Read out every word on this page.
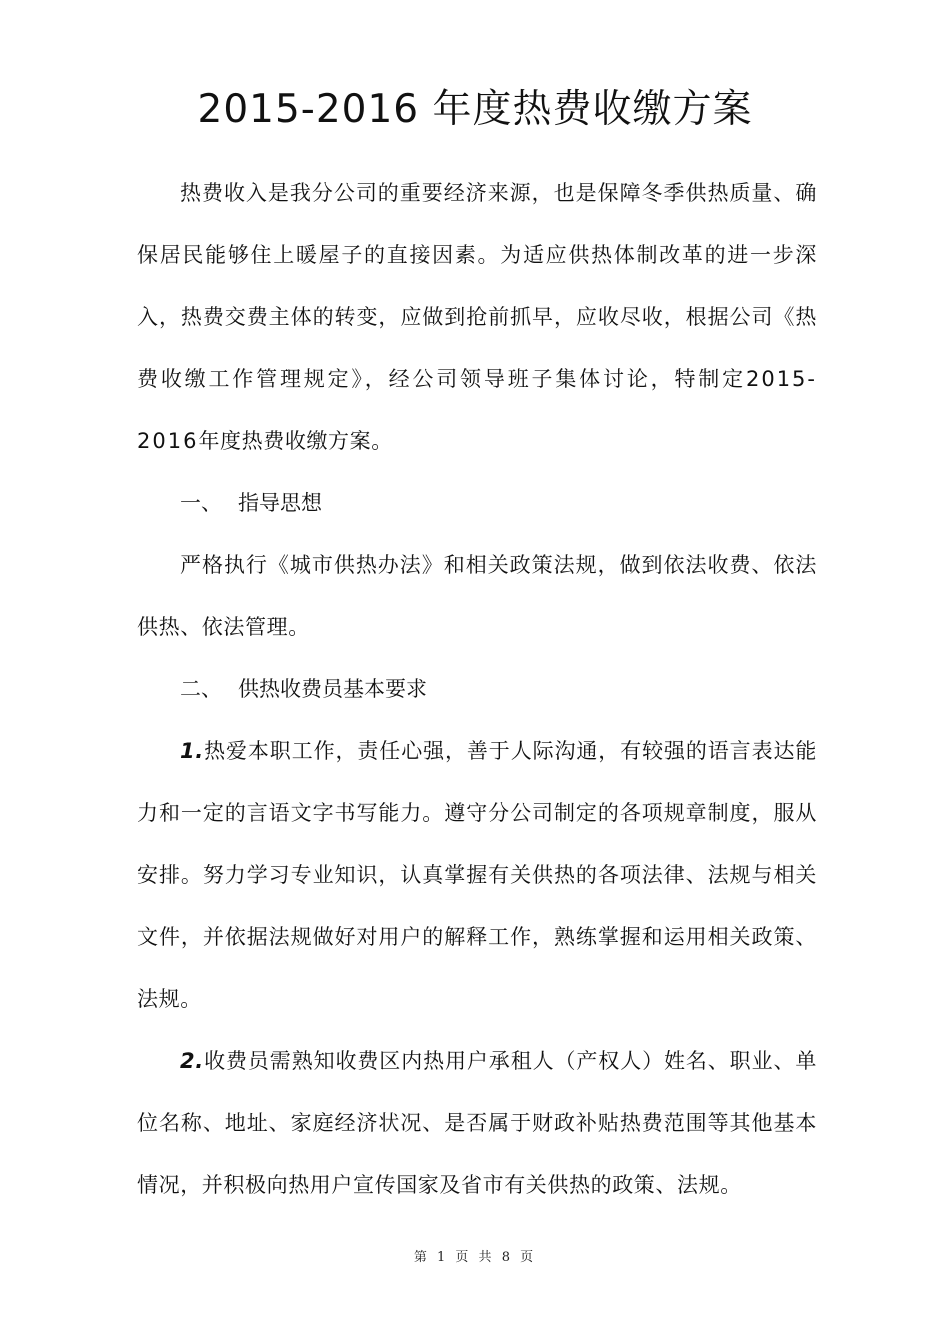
2015-2016 年度热费收缴方案

热费收入是我分公司的重要经济来源，也是保障冬季供热质量、确保居民能够住上暖屋子的直接因素。为适应供热体制改革的进一步深入，热费交费主体的转变，应做到抢前抓早，应收尽收，根据公司《热费收缴工作管理规定》，经公司领导班子集体讨论，特制定2015-2016年度热费收缴方案。

一、 指导思想

严格执行《城市供热办法》和相关政策法规，做到依法收费、依法供热、依法管理。

二、 供热收费员基本要求

1.热爱本职工作，责任心强，善于人际沟通，有较强的语言表达能力和一定的言语文字书写能力。遵守分公司制定的各项规章制度，服从安排。努力学习专业知识，认真掌握有关供热的各项法律、法规与相关文件，并依据法规做好对用户的解释工作，熟练掌握和运用相关政策、法规。

2.收费员需熟知收费区内热用户承租人（产权人）姓名、职业、单位名称、地址、家庭经济状况、是否属于财政补贴热费范围等其他基本情况，并积极向热用户宣传国家及省市有关供热的政策、法规。

第 1 页 共 8 页
